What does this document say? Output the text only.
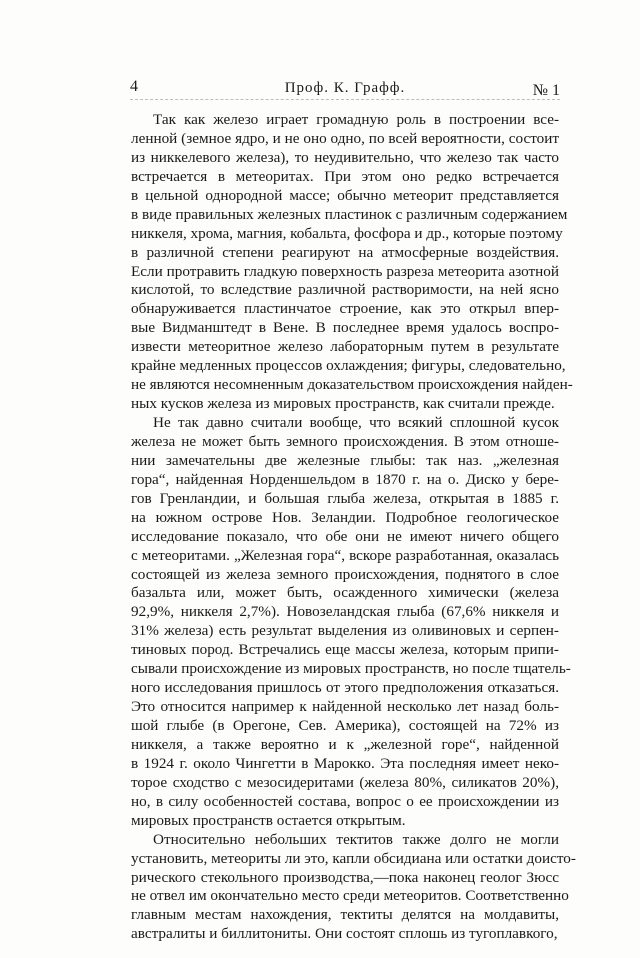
4	Проф. К. Графф.	№ 1
Так как железо играет громадную роль в построении все-
ленной (земное ядро, и не оно одно, по всей вероятности, состоит
из никкелевого железа), то неудивительно, что железо так часто
встречается в метеоритах. При этом оно редко встречается
в цельной однородной массе; обычно метеорит представляется
в виде правильных железных пластинок с различным содержанием
никкеля, хрома, магния, кобальта, фосфора и др., которые поэтому
в различной степени реагируют на атмосферные воздействия.
Если протравить гладкую поверхность разреза метеорита азотной
кислотой, то вследствие различной растворимости, на ней ясно
обнаруживается пластинчатое строение, как это открыл впер-
вые Видманштедт в Вене. В последнее время удалось воспро-
извести метеоритное железо лабораторным путем в результате
крайне медленных процессов охлаждения; фигуры, следовательно,
не являются несомненным доказательством происхождения найден-
ных кусков железа из мировых пространств, как считали прежде.
Не так давно считали вообще, что всякий сплошной кусок
железа не может быть земного происхождения. В этом отноше-
нии замечательны две железные глыбы: так наз. „железная
гора“, найденная Норденшельдом в 1870 г. на о. Диско у бере-
гов Гренландии, и большая глыба железа, открытая в 1885 г.
на южном острове Нов. Зеландии. Подробное геологическое
исследование показало, что обе они не имеют ничего общего
с метеоритами. „Железная гора“, вскоре разработанная, оказалась
состоящей из железа земного происхождения, поднятого в слое
базальта или, может быть, осажденного химически (железа
92,9%, никкеля 2,7%). Новозеландская глыба (67,6% никкеля и
31% железа) есть результат выделения из оливиновых и серпен-
тиновых пород. Встречались еще массы железа, которым припи-
сывали происхождение из мировых пространств, но после тщатель-
ного исследования пришлось от этого предположения отказаться.
Это относится например к найденной несколько лет назад боль-
шой глыбе (в Орегоне, Сев. Америка), состоящей на 72% из
никкеля, а также вероятно и к „железной горе“, найденной
в 1924 г. около Чингетти в Марокко. Эта последняя имеет неко-
торое сходство с мезосидеритами (железа 80%, силикатов 20%),
но, в силу особенностей состава, вопрос о ее происхождении из
мировых пространств остается открытым.
Относительно небольших тектитов также долго не могли
установить, метеориты ли это, капли обсидиана или остатки доисто-
рического стекольного производства,—пока наконец геолог Зюсс
не отвел им окончательно место среди метеоритов. Соответственно
главным местам нахождения, тектиты делятся на молдавиты,
австралиты и биллитониты. Они состоят сплошь из тугоплавкого,
